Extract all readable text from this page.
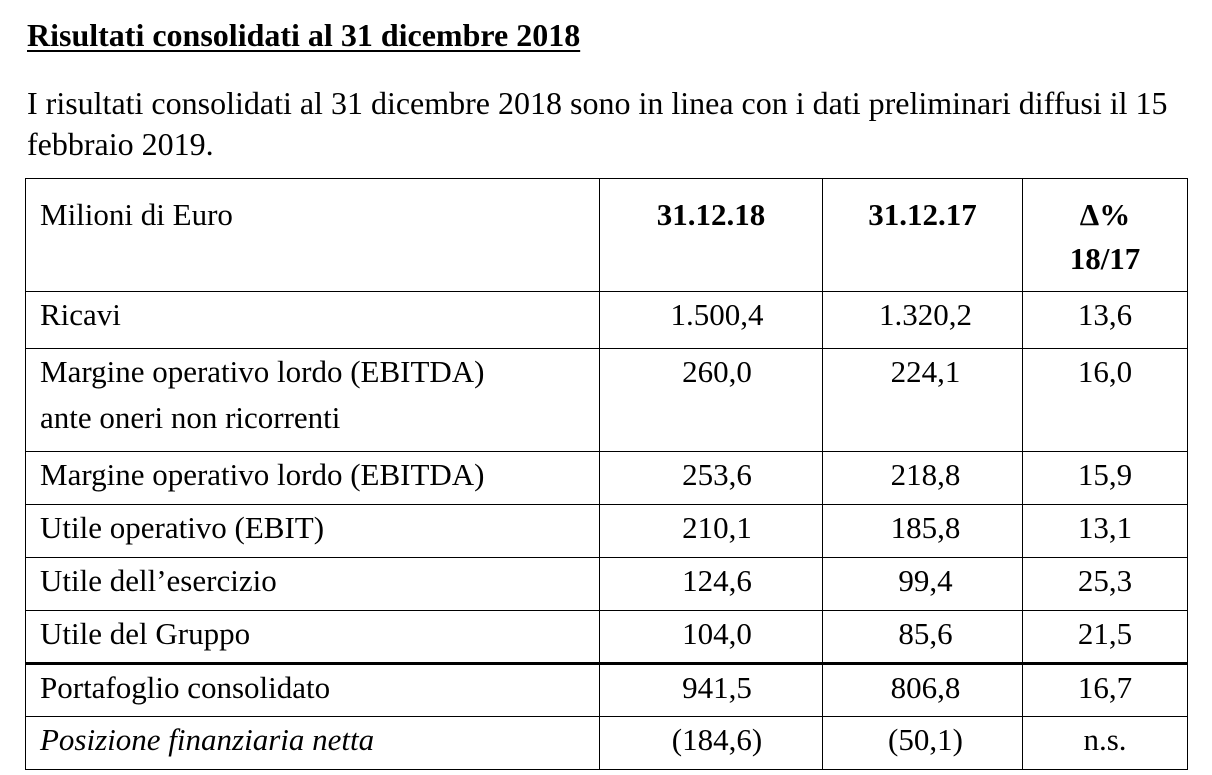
Risultati consolidati al 31 dicembre 2018

I risultati consolidati al 31 dicembre 2018 sono in linea con i dati preliminari diffusi il 15 febbraio 2019.

Milioni di Euro	31.12.18	31.12.17	Δ%
18/17
Ricavi	1.500,4	1.320,2	13,6
Margine operativo lordo (EBITDA)
ante oneri non ricorrenti	260,0	224,1	16,0
Margine operativo lordo (EBITDA)	253,6	218,8	15,9
Utile operativo (EBIT)	210,1	185,8	13,1
Utile dell’esercizio	124,6	99,4	25,3
Utile del Gruppo	104,0	85,6	21,5
Portafoglio consolidato	941,5	806,8	16,7
Posizione finanziaria netta	(184,6)	(50,1)	n.s.
